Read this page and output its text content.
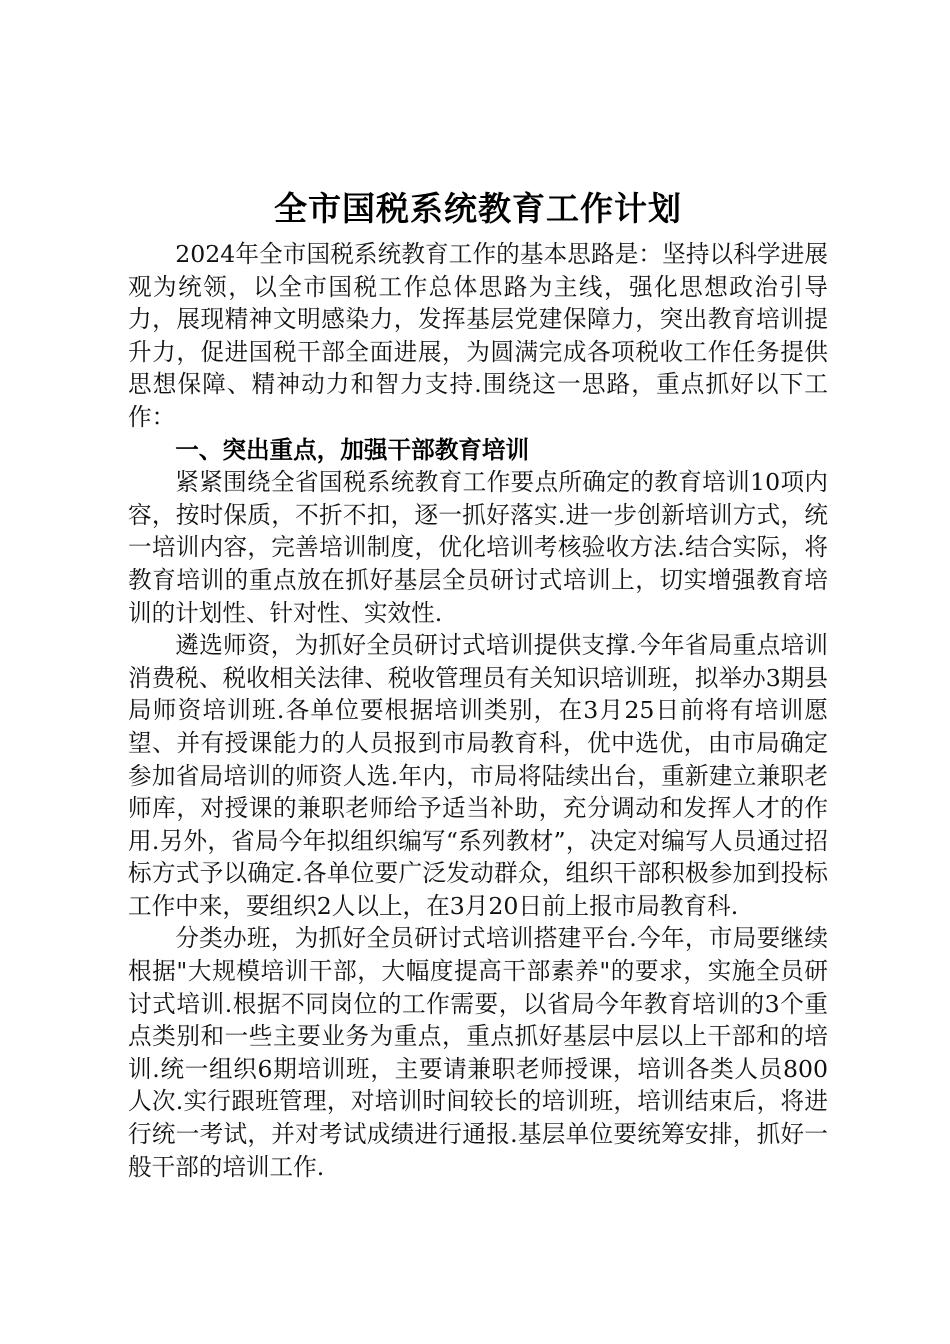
全市国税系统教育工作计划

2024年全市国税系统教育工作的基本思路是：坚持以科学进展观为统领，以全市国税工作总体思路为主线，强化思想政治引导力，展现精神文明感染力，发挥基层党建保障力，突出教育培训提升力，促进国税干部全面进展，为圆满完成各项税收工作任务提供思想保障、精神动力和智力支持.围绕这一思路，重点抓好以下工作：

一、突出重点，加强干部教育培训

紧紧围绕全省国税系统教育工作要点所确定的教育培训10项内容，按时保质，不折不扣，逐一抓好落实.进一步创新培训方式，统一培训内容，完善培训制度，优化培训考核验收方法.结合实际，将教育培训的重点放在抓好基层全员研讨式培训上，切实增强教育培训的计划性、针对性、实效性.

遴选师资，为抓好全员研讨式培训提供支撑.今年省局重点培训消费税、税收相关法律、税收管理员有关知识培训班，拟举办3期县局师资培训班.各单位要根据培训类别，在3月25日前将有培训愿望、并有授课能力的人员报到市局教育科，优中选优，由市局确定参加省局培训的师资人选.年内，市局将陆续出台，重新建立兼职老师库，对授课的兼职老师给予适当补助，充分调动和发挥人才的作用.另外，省局今年拟组织编写“系列教材”，决定对编写人员通过招标方式予以确定.各单位要广泛发动群众，组织干部积极参加到投标工作中来，要组织2人以上，在3月20日前上报市局教育科.

分类办班，为抓好全员研讨式培训搭建平台.今年，市局要继续根据"大规模培训干部，大幅度提高干部素养"的要求，实施全员研讨式培训.根据不同岗位的工作需要，以省局今年教育培训的3个重点类别和一些主要业务为重点，重点抓好基层中层以上干部和的培训.统一组织6期培训班，主要请兼职老师授课，培训各类人员800人次.实行跟班管理，对培训时间较长的培训班，培训结束后，将进行统一考试，并对考试成绩进行通报.基层单位要统筹安排，抓好一般干部的培训工作.
